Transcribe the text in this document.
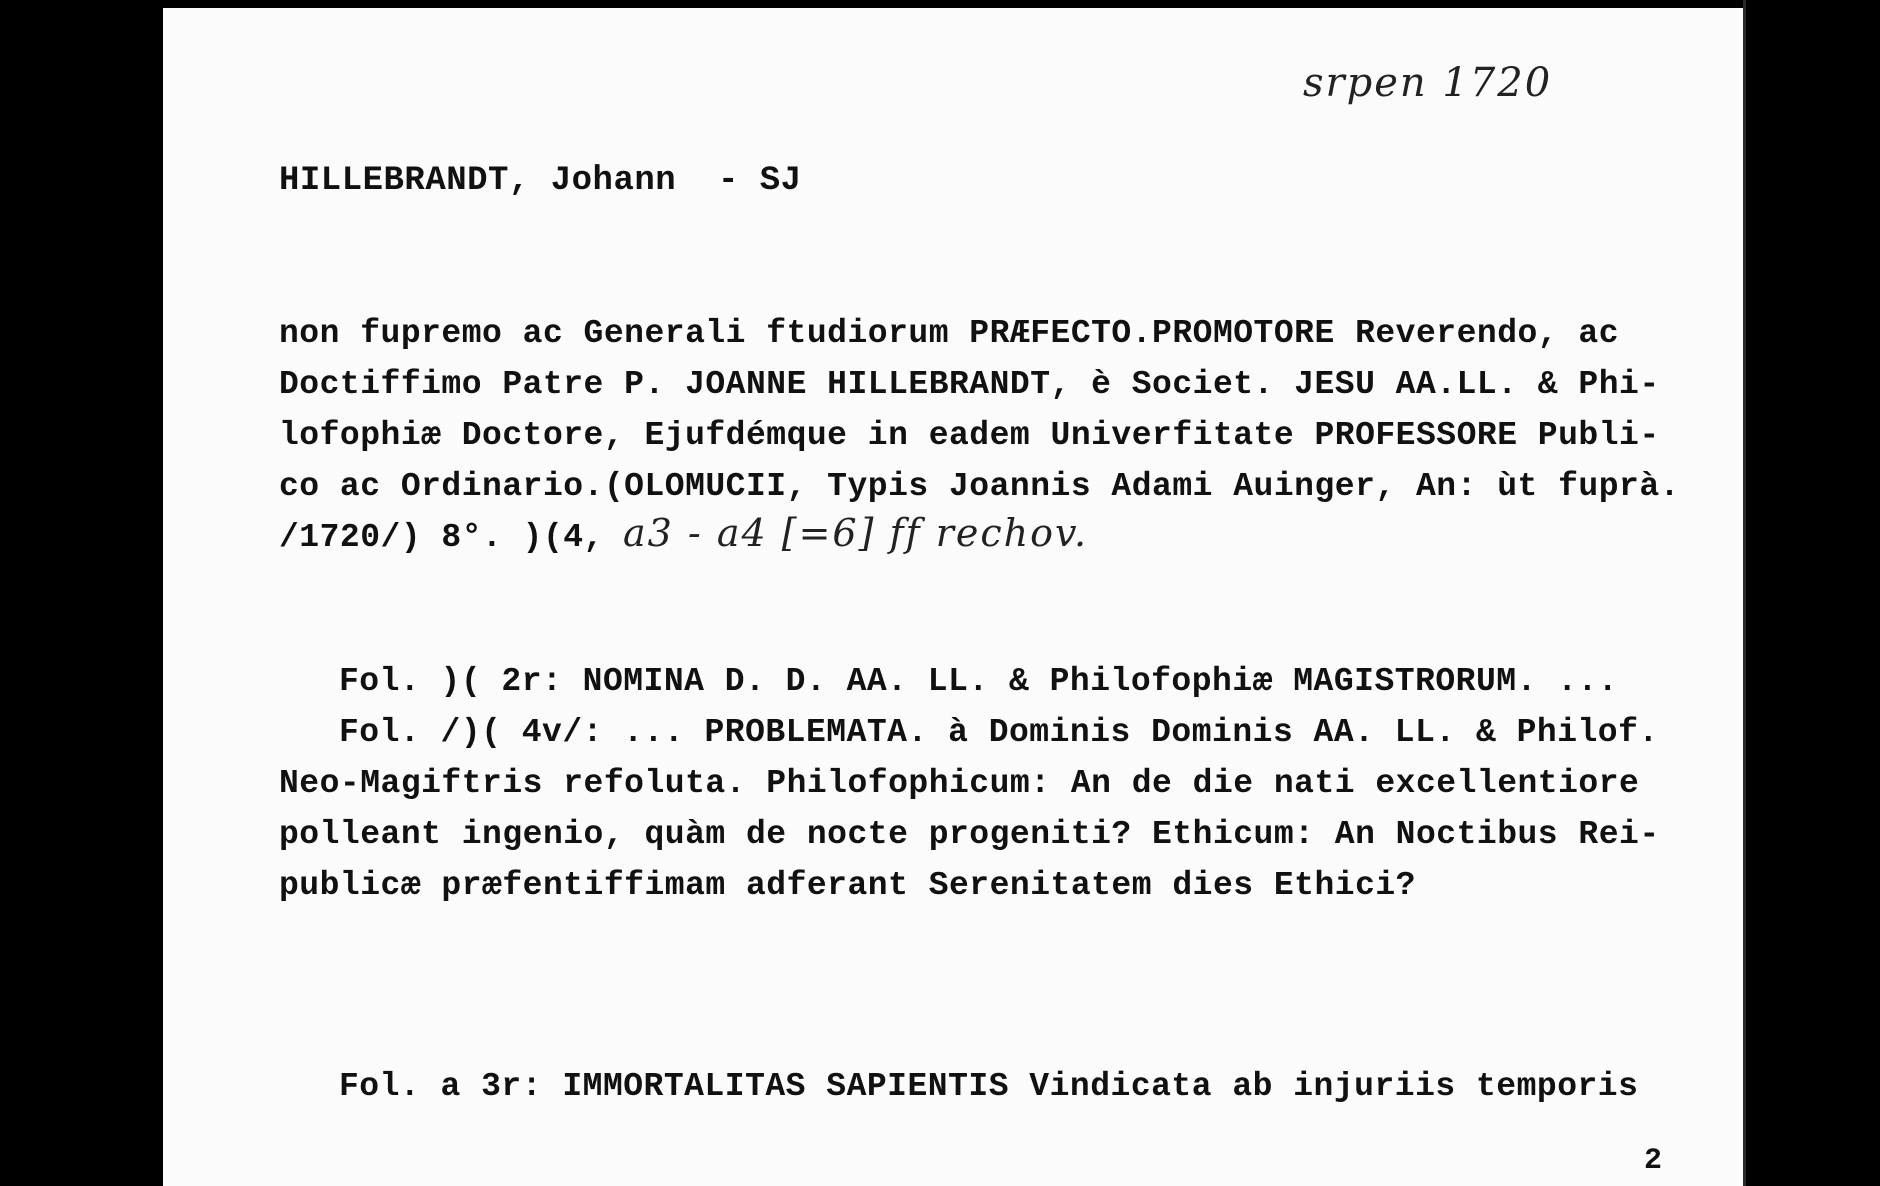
srpen 1720
HILLEBRANDT, Johann  - SJ
non fupremo ac Generali ftudiorum PRÆFECTO.PROMOTORE Reverendo, ac
Doctiffimo Patre P. JOANNE HILLEBRANDT, è Societ. JESU AA.LL. & Phi-
lofophiæ Doctore, Ejufdémque in eadem Univerfitate PROFESSORE Publi-
co ac Ordinario.(OLOMUCII, Typis Joannis Adami Auinger, An: ùt fuprà.
/1720/) 8°. )(4, a3 - a4 [=6] ff rechov.
Fol. )( 2r: NOMINA D. D. AA. LL. & Philofophiæ MAGISTRORUM. ...
Fol. /)( 4v/: ... PROBLEMATA. à Dominis Dominis AA. LL. & Philof.
Neo-Magiftris refoluta. Philofophicum: An de die nati excellentiore
polleant ingenio, quàm de nocte progeniti? Ethicum: An Noctibus Rei-
publicæ præfentiffimam adferant Serenitatem dies Ethici?
Fol. a 3r: IMMORTALITAS SAPIENTIS Vindicata ab injuriis temporis
2
